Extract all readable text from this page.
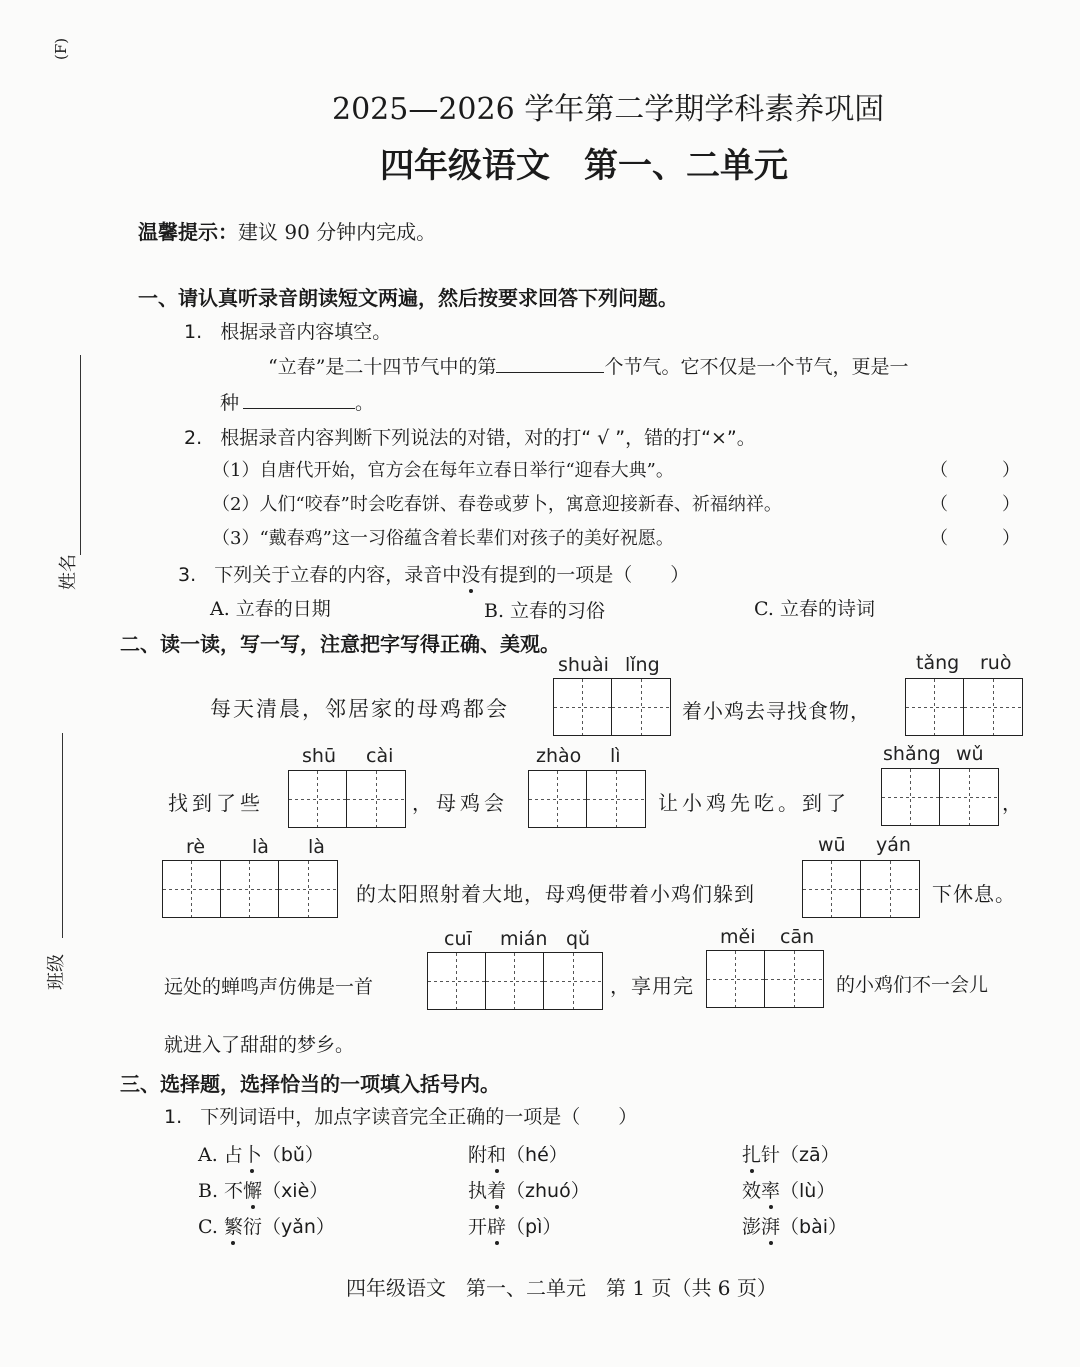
(F)
姓名
班级
2025—2026 学年第二学期学科素养巩固
四年级语文　第一、二单元
温馨提示：建议 90 分钟内完成。
一、请认真听录音朗读短文两遍，然后按要求回答下列问题。
1. 根据录音内容填空。
“立春”是二十四节气中的第	个节气。它不仅是一个节气，更是一
种	。
2. 根据录音内容判断下列说法的对错，对的打“ √ ”，错的打“×”。
（1）自唐代开始，官方会在每年立春日举行“迎春大典”。	（　　）
（2）人们“咬春”时会吃春饼、春卷或萝卜，寓意迎接新春、祈福纳祥。	（　　）
（3）“戴春鸡”这一习俗蕴含着长辈们对孩子的美好祝愿。	（　　）
3. 下列关于立春的内容，录音中没有提到的一项是（　　）
A. 立春的日期	B. 立春的习俗	C. 立春的诗词
二、读一读，写一写，注意把字写得正确、美观。
shuài lǐng	tǎng ruò
每天清晨，邻居家的母鸡都会	着小鸡去寻找食物，
shū cài	zhào lì	shǎng wǔ
找到了些	，母鸡会	让小鸡先吃。到了	，
rè là là	wū yán
的太阳照射着大地，母鸡便带着小鸡们躲到	下休息。
cuī mián qǔ	měi cān
远处的蝉鸣声仿佛是一首	，享用完	的小鸡们不一会儿
就进入了甜甜的梦乡。
三、选择题，选择恰当的一项填入括号内。
1. 下列词语中，加点字读音完全正确的一项是（　　）
A. 占卜（bǔ）	附和（hé）	扎针（zā）
B. 不懈（xiè）	执着（zhuó）	效率（lù）
C. 繁衍（yǎn）	开辟（pì）	澎湃（bài）
四年级语文　第一、二单元　第 1 页（共 6 页）
